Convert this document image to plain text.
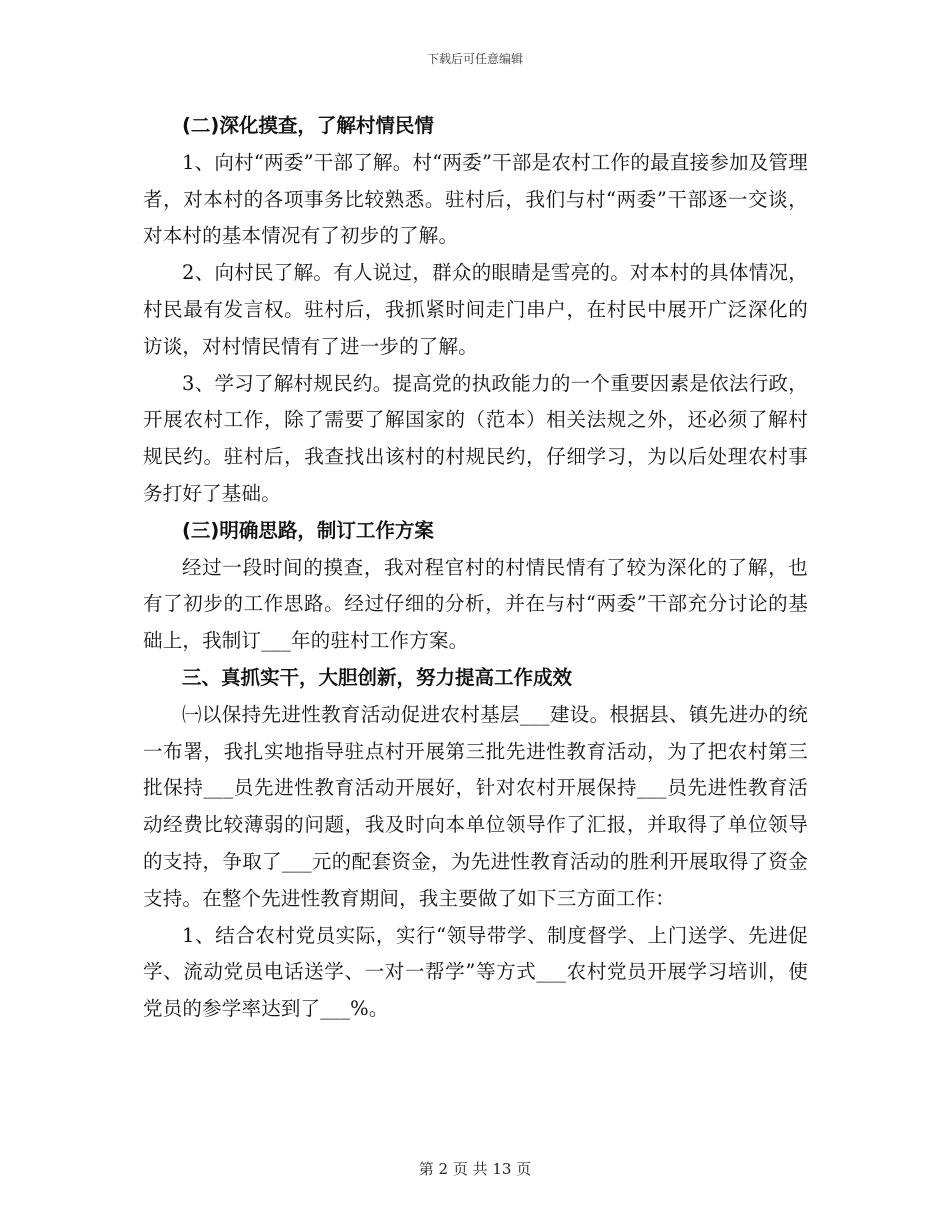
下载后可任意编辑

(二)深化摸查，了解村情民情

1、向村“两委”干部了解。村“两委”干部是农村工作的最直接参加及管理者，对本村的各项事务比较熟悉。驻村后，我们与村“两委”干部逐一交谈，对本村的基本情况有了初步的了解。

2、向村民了解。有人说过，群众的眼睛是雪亮的。对本村的具体情况，村民最有发言权。驻村后，我抓紧时间走门串户，在村民中展开广泛深化的访谈，对村情民情有了进一步的了解。

3、学习了解村规民约。提高党的执政能力的一个重要因素是依法行政，开展农村工作，除了需要了解国家的（范本）相关法规之外，还必须了解村规民约。驻村后，我查找出该村的村规民约，仔细学习，为以后处理农村事务打好了基础。

(三)明确思路，制订工作方案

经过一段时间的摸查，我对程官村的村情民情有了较为深化的了解，也有了初步的工作思路。经过仔细的分析，并在与村“两委”干部充分讨论的基础上，我制订___年的驻村工作方案。

三、真抓实干，大胆创新，努力提高工作成效

㈠以保持先进性教育活动促进农村基层___建设。根据县、镇先进办的统一布署，我扎实地指导驻点村开展第三批先进性教育活动，为了把农村第三批保持___员先进性教育活动开展好，针对农村开展保持___员先进性教育活动经费比较薄弱的问题，我及时向本单位领导作了汇报，并取得了单位领导的支持，争取了___元的配套资金，为先进性教育活动的胜利开展取得了资金支持。在整个先进性教育期间，我主要做了如下三方面工作：

1、结合农村党员实际，实行“领导带学、制度督学、上门送学、先进促学、流动党员电话送学、一对一帮学”等方式___农村党员开展学习培训，使党员的参学率达到了___%。

第 2 页 共 13 页
